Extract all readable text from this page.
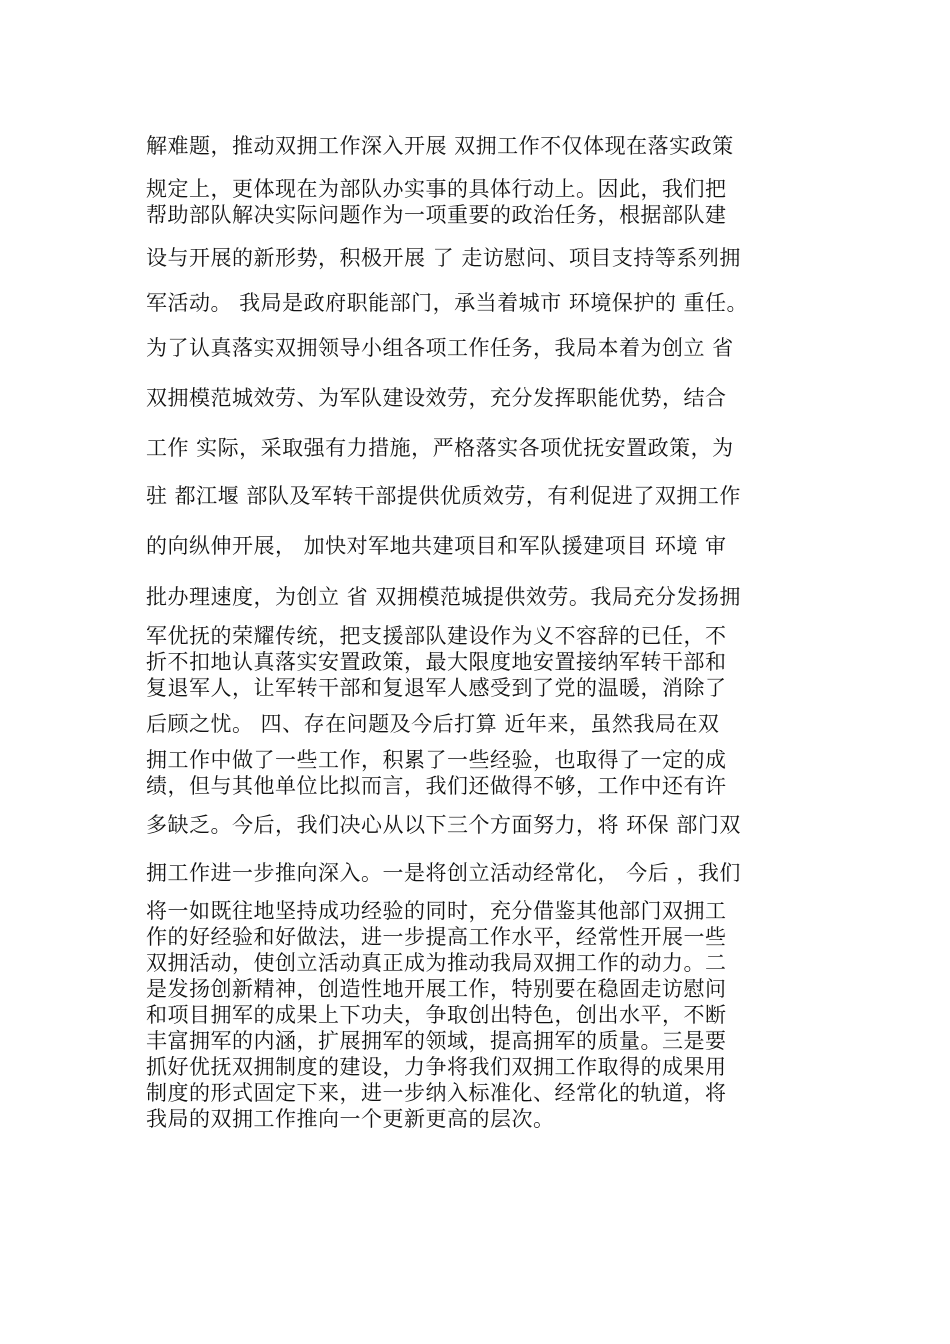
解难题，推动双拥工作深入开展 双拥工作不仅体现在落实政策
规定上，更体现在为部队办实事的具体行动上。因此，我们把
帮助部队解决实际问题作为一项重要的政治任务，根据部队建
设与开展的新形势，积极开展 了 走访慰问、项目支持等系列拥
军活动。 我局是政府职能部门，承当着城市 环境保护的 重任。
为了认真落实双拥领导小组各项工作任务，我局本着为创立 省
双拥模范城效劳、为军队建设效劳，充分发挥职能优势，结合
工作 实际，采取强有力措施，严格落实各项优抚安置政策，为
驻 都江堰 部队及军转干部提供优质效劳，有利促进了双拥工作
的向纵伸开展， 加快对军地共建项目和军队援建项目 环境 审
批办理速度，为创立 省 双拥模范城提供效劳。我局充分发扬拥
军优抚的荣耀传统，把支援部队建设作为义不容辞的已任，不
折不扣地认真落实安置政策，最大限度地安置接纳军转干部和
复退军人，让军转干部和复退军人感受到了党的温暖，消除了
后顾之忧。 四、存在问题及今后打算 近年来，虽然我局在双
拥工作中做了一些工作，积累了一些经验，也取得了一定的成
绩，但与其他单位比拟而言，我们还做得不够，工作中还有许
多缺乏。今后，我们决心从以下三个方面努力，将 环保 部门双
拥工作进一步推向深入。一是将创立活动经常化， 今后 ，我们
将一如既往地坚持成功经验的同时，充分借鉴其他部门双拥工
作的好经验和好做法，进一步提高工作水平，经常性开展一些
双拥活动，使创立活动真正成为推动我局双拥工作的动力。二
是发扬创新精神，创造性地开展工作，特别要在稳固走访慰问
和项目拥军的成果上下功夫，争取创出特色，创出水平，不断
丰富拥军的内涵，扩展拥军的领域，提高拥军的质量。三是要
抓好优抚双拥制度的建设，力争将我们双拥工作取得的成果用
制度的形式固定下来，进一步纳入标准化、经常化的轨道，将
我局的双拥工作推向一个更新更高的层次。
